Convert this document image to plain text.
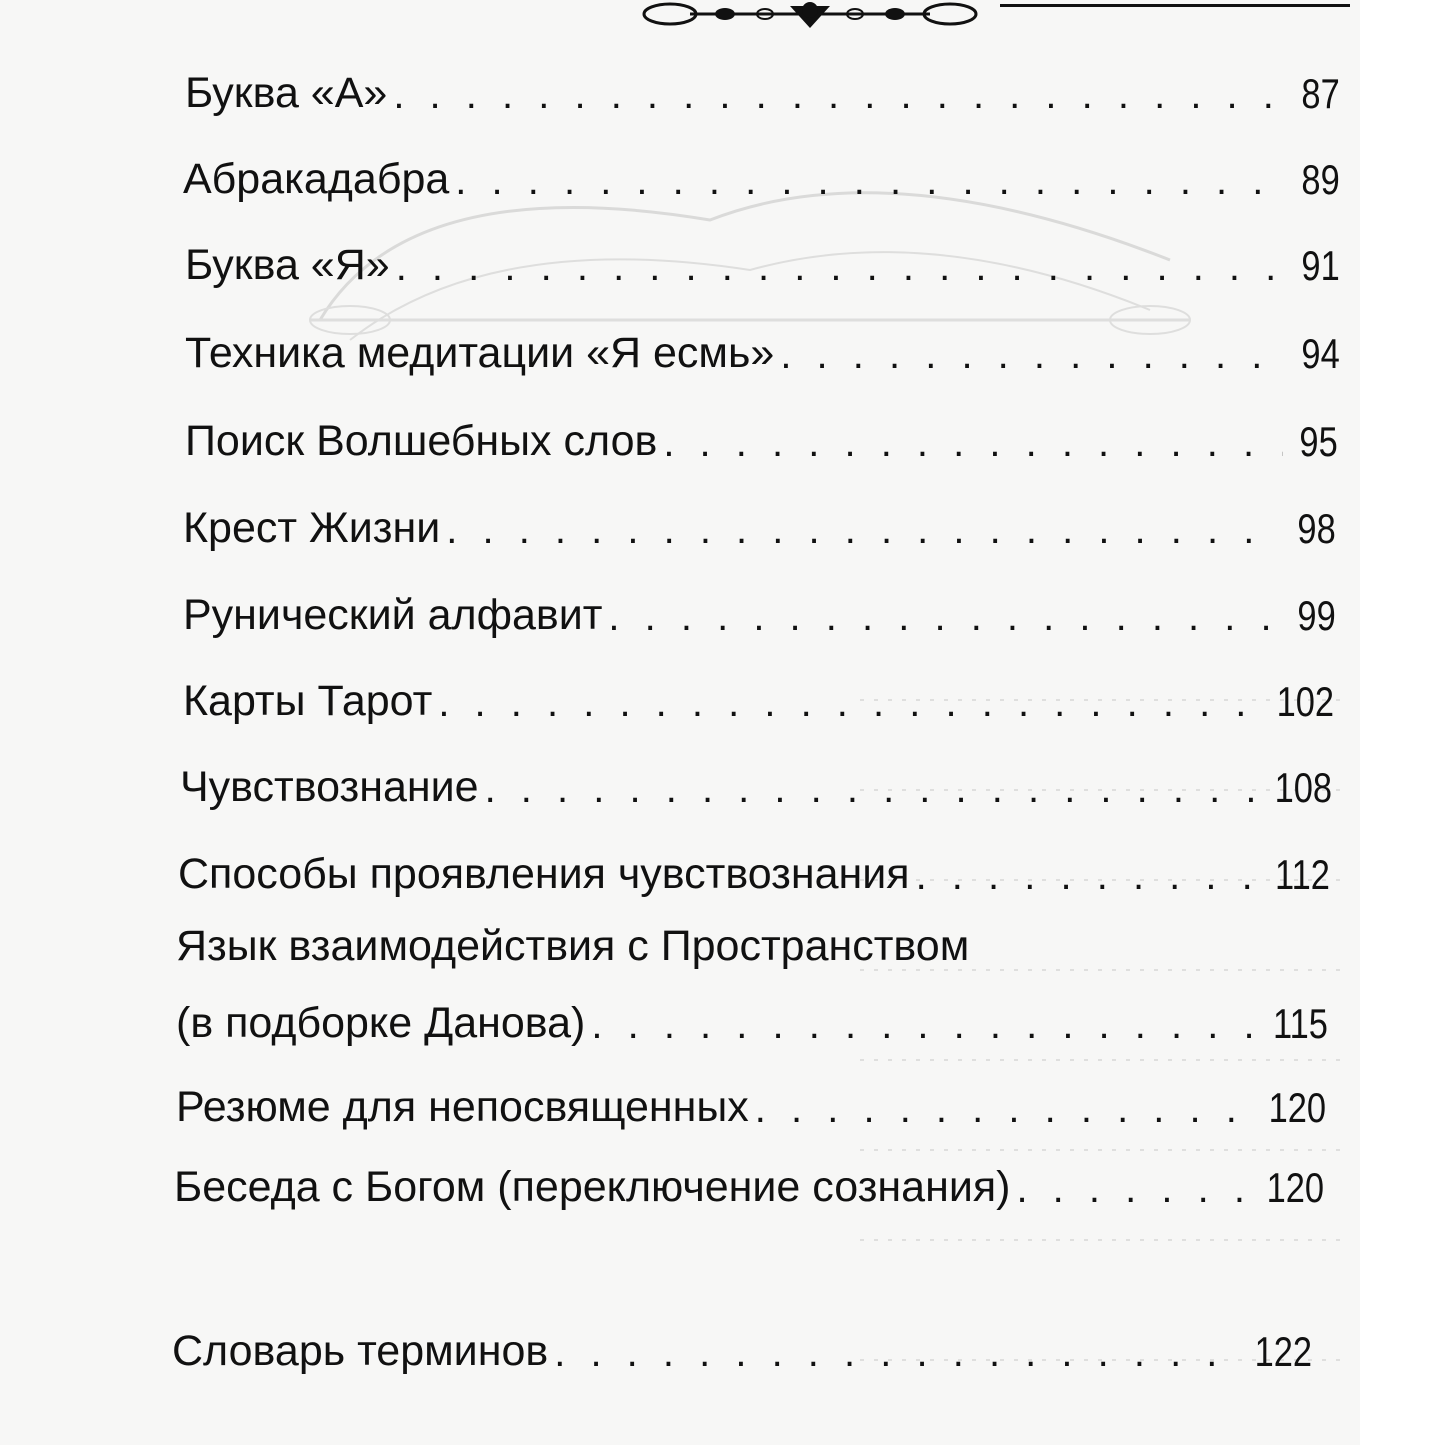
Буква «А» . . .	87
Абракадабра . . .	89
Буква «Я» . . .	91
Техника медитации «Я есмь» . . .	94
Поиск Волшебных слов . . .	95
Крест Жизни . . .	98
Рунический алфавит . . .	99
Карты Тарот . . .	102
Чувствознание . . .	108
Способы проявления чувствознания . . .	112
Язык взаимодействия с Пространством
(в подборке Данова) . . .	115
Резюме для непосвященных . . .	120
Беседа с Богом (переключение сознания) . . .	120
Словарь терминов . . .	122
